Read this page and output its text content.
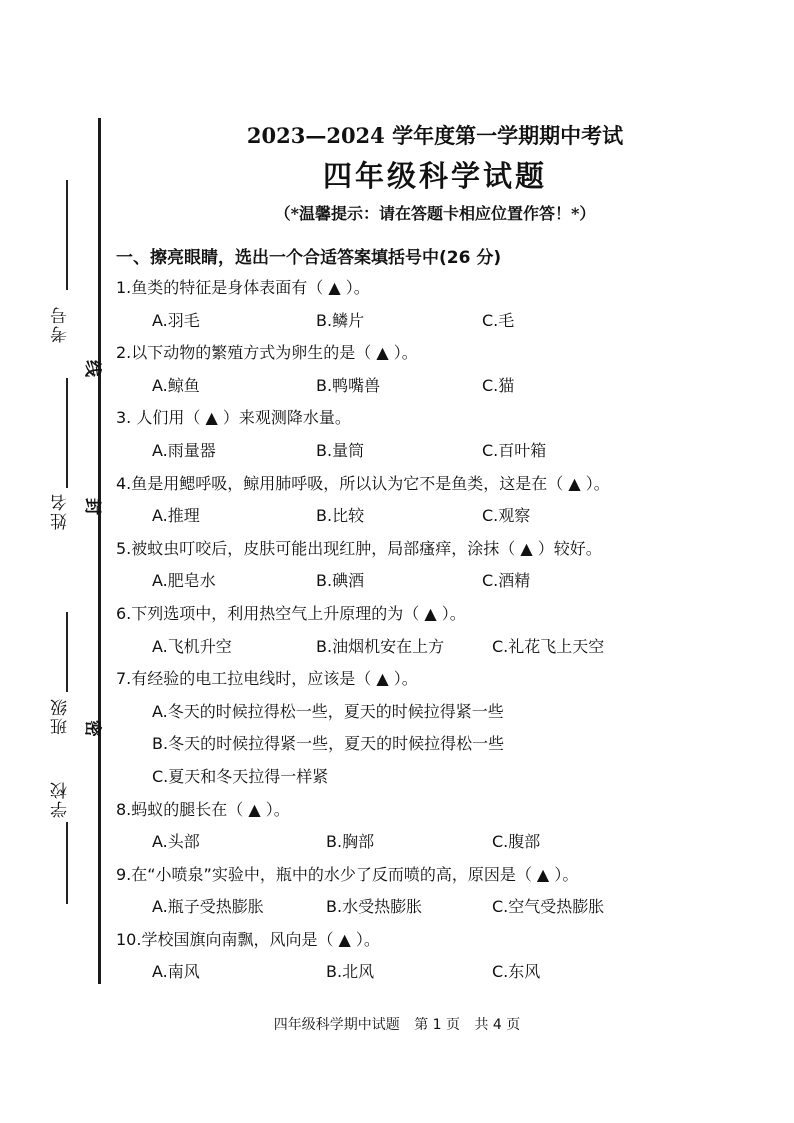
考号
姓名
班级
学校
线
封
密
2023—2024 学年度第一学期期中考试
四年级科学试题
（*温馨提示：请在答题卡相应位置作答！*）
一、擦亮眼睛，选出一个合适答案填括号中(26 分)
1.鱼类的特征是身体表面有（ ▲ ）。
A.羽毛	B.鳞片	C.毛
2.以下动物的繁殖方式为卵生的是（ ▲ ）。
A.鲸鱼	B.鸭嘴兽	C.猫
3. 人们用（ ▲ ）来观测降水量。
A.雨量器	B.量筒	C.百叶箱
4.鱼是用鳃呼吸，鲸用肺呼吸，所以认为它不是鱼类，这是在（ ▲ ）。
A.推理	B.比较	C.观察
5.被蚊虫叮咬后，皮肤可能出现红肿，局部瘙痒，涂抹（ ▲ ）较好。
A.肥皂水	B.碘酒	C.酒精
6.下列选项中，利用热空气上升原理的为（ ▲ ）。
A.飞机升空	B.油烟机安在上方	C.礼花飞上天空
7.有经验的电工拉电线时，应该是（ ▲ ）。
A.冬天的时候拉得松一些，夏天的时候拉得紧一些
B.冬天的时候拉得紧一些，夏天的时候拉得松一些
C.夏天和冬天拉得一样紧
8.蚂蚁的腿长在（ ▲ ）。
A.头部	B.胸部	C.腹部
9.在“小喷泉”实验中，瓶中的水少了反而喷的高，原因是（ ▲ ）。
A.瓶子受热膨胀	B.水受热膨胀	C.空气受热膨胀
10.学校国旗向南飘，风向是（ ▲ ）。
A.南风	B.北风	C.东风
四年级科学期中试题 第 1 页 共 4 页
